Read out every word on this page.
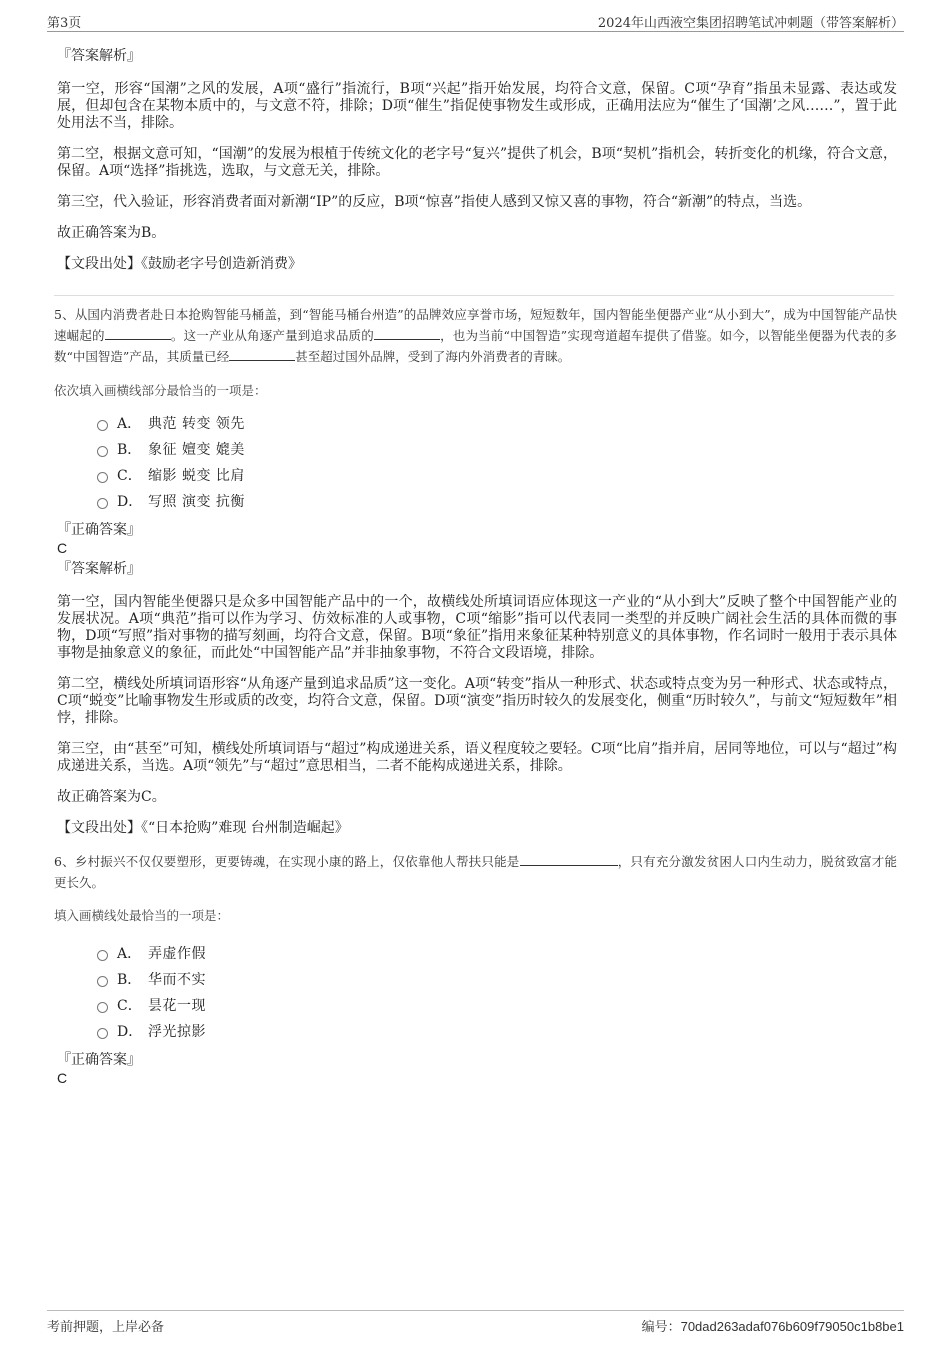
第3页	2024年山西液空集团招聘笔试冲刺题（带答案解析）
『答案解析』
第一空，形容“国潮”之风的发展，A项“盛行”指流行，B项“兴起”指开始发展，均符合文意，保留。C项“孕育”指虽未显露、表达或发展，但却包含在某物本质中的，与文意不符，排除；D项“催生”指促使事物发生或形成，正确用法应为“催生了‘国潮’之风……”，置于此处用法不当，排除。
第二空，根据文意可知，“国潮”的发展为根植于传统文化的老字号“复兴”提供了机会，B项“契机”指机会，转折变化的机缘，符合文意，保留。A项“选择”指挑选，选取，与文意无关，排除。
第三空，代入验证，形容消费者面对新潮“IP”的反应，B项“惊喜”指使人感到又惊又喜的事物，符合“新潮”的特点，当选。
故正确答案为B。
【文段出处】《鼓励老字号创造新消费》
5、从国内消费者赴日本抢购智能马桶盖，到“智能马桶台州造”的品牌效应享誉市场，短短数年，国内智能坐便器产业“从小到大”，成为中国智能产品快速崛起的	。这一产业从角逐产量到追求品质的	，也为当前“中国智造”实现弯道超车提供了借鉴。如今，以智能坐便器为代表的多数“中国智造”产品，其质量已经	甚至超过国外品牌，受到了海内外消费者的青睐。
依次填入画横线部分最恰当的一项是：
A． 典范 转变 领先
B． 象征 嬗变 媲美
C． 缩影 蜕变 比肩
D． 写照 演变 抗衡
『正确答案』
C
『答案解析』
第一空，国内智能坐便器只是众多中国智能产品中的一个，故横线处所填词语应体现这一产业的“从小到大”反映了整个中国智能产业的发展状况。A项“典范”指可以作为学习、仿效标准的人或事物，C项“缩影”指可以代表同一类型的并反映广阔社会生活的具体而微的事物，D项“写照”指对事物的描写刻画，均符合文意，保留。B项“象征”指用来象征某种特别意义的具体事物，作名词时一般用于表示具体事物是抽象意义的象征，而此处“中国智能产品”并非抽象事物，不符合文段语境，排除。
第二空，横线处所填词语形容“从角逐产量到追求品质”这一变化。A项“转变”指从一种形式、状态或特点变为另一种形式、状态或特点，C项“蜕变”比喻事物发生形或质的改变，均符合文意，保留。D项“演变”指历时较久的发展变化，侧重“历时较久”，与前文“短短数年”相悖，排除。
第三空，由“甚至”可知，横线处所填词语与“超过”构成递进关系，语义程度较之要轻。C项“比肩”指并肩，居同等地位，可以与“超过”构成递进关系，当选。A项“领先”与“超过”意思相当，二者不能构成递进关系，排除。
故正确答案为C。
【文段出处】《“日本抢购”难现 台州制造崛起》
6、乡村振兴不仅仅要塑形，更要铸魂，在实现小康的路上，仅依靠他人帮扶只能是	，只有充分激发贫困人口内生动力，脱贫致富才能更长久。
填入画横线处最恰当的一项是：
A． 弄虚作假
B． 华而不实
C． 昙花一现
D． 浮光掠影
『正确答案』
C
考前押题，上岸必备	编号：70dad263adaf076b609f79050c1b8be1
